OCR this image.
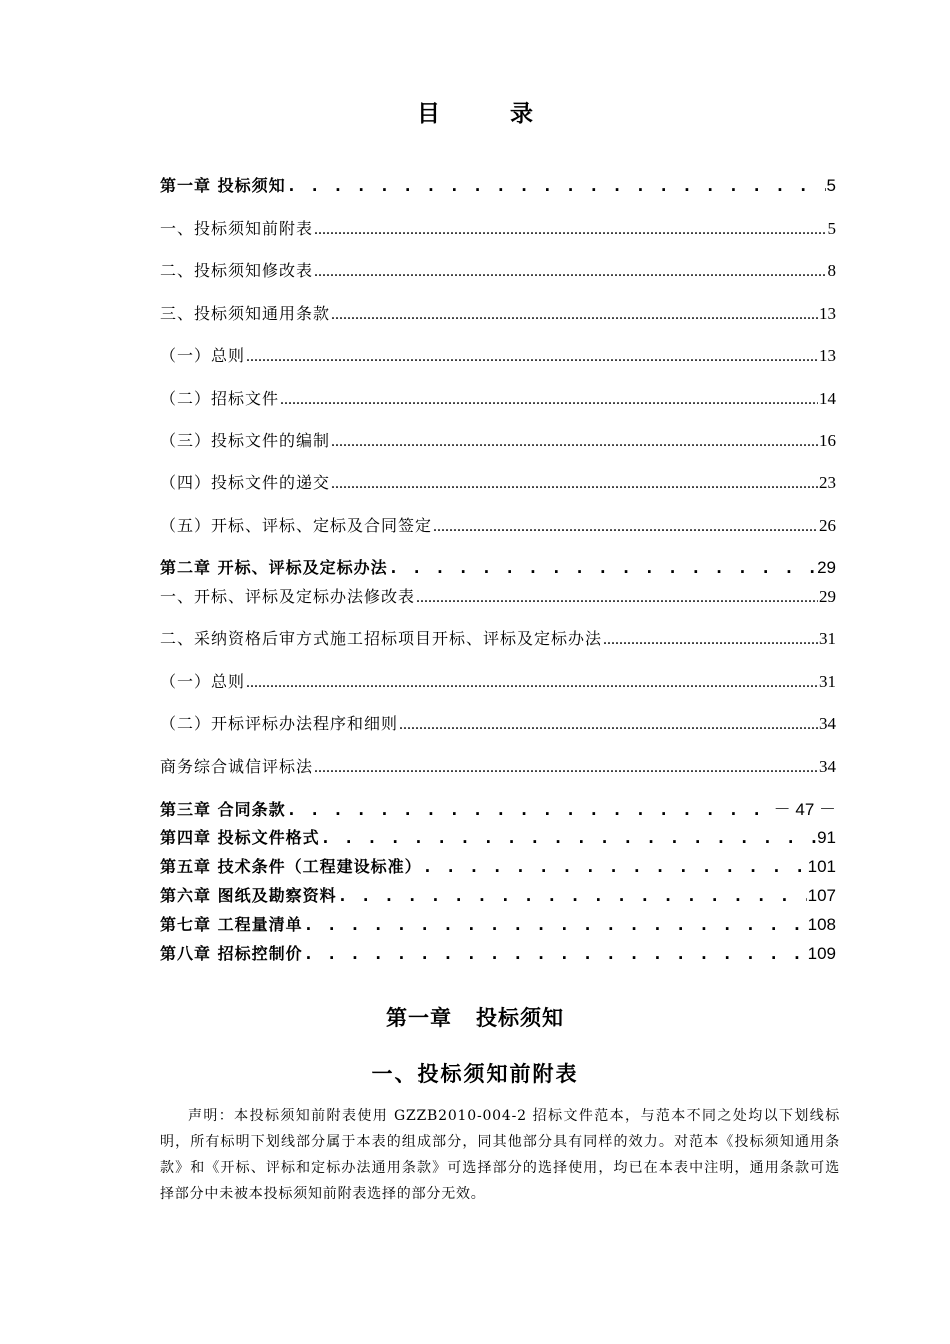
目录
第一章 投标须知 . . .	5
一、投标须知前附表 .....	5
二、投标须知修改表 .....	8
三、投标须知通用条款 .....	13
（一）总则 .....	13
（二）招标文件 .....	14
（三）投标文件的编制 .....	16
（四）投标文件的递交 .....	23
（五）开标、评标、定标及合同签定 .....	26
第二章 开标、评标及定标办法 . . .	29
一、开标、评标及定标办法修改表 .....	29
二、采纳资格后审方式施工招标项目开标、评标及定标办法 .....	31
（一）总则 .....	31
（二）开标评标办法程序和细则 .....	34
商务综合诚信评标法 .....	34
第三章 合同条款 . . .	－ 47 －
第四章 投标文件格式 . . .	91
第五章 技术条件（工程建设标准） . . .	101
第六章 图纸及勘察资料 . . .	107
第七章 工程量清单 . . .	108
第八章 招标控制价 . . .	109
第一章 投标须知
一、投标须知前附表
声明：本投标须知前附表使用 GZZB2010-004-2 招标文件范本，与范本不同之处均以下划线标明，所有标明下划线部分属于本表的组成部分，同其他部分具有同样的效力。对范本《投标须知通用条款》和《开标、评标和定标办法通用条款》可选择部分的选择使用，均已在本表中注明，通用条款可选择部分中未被本投标须知前附表选择的部分无效。
